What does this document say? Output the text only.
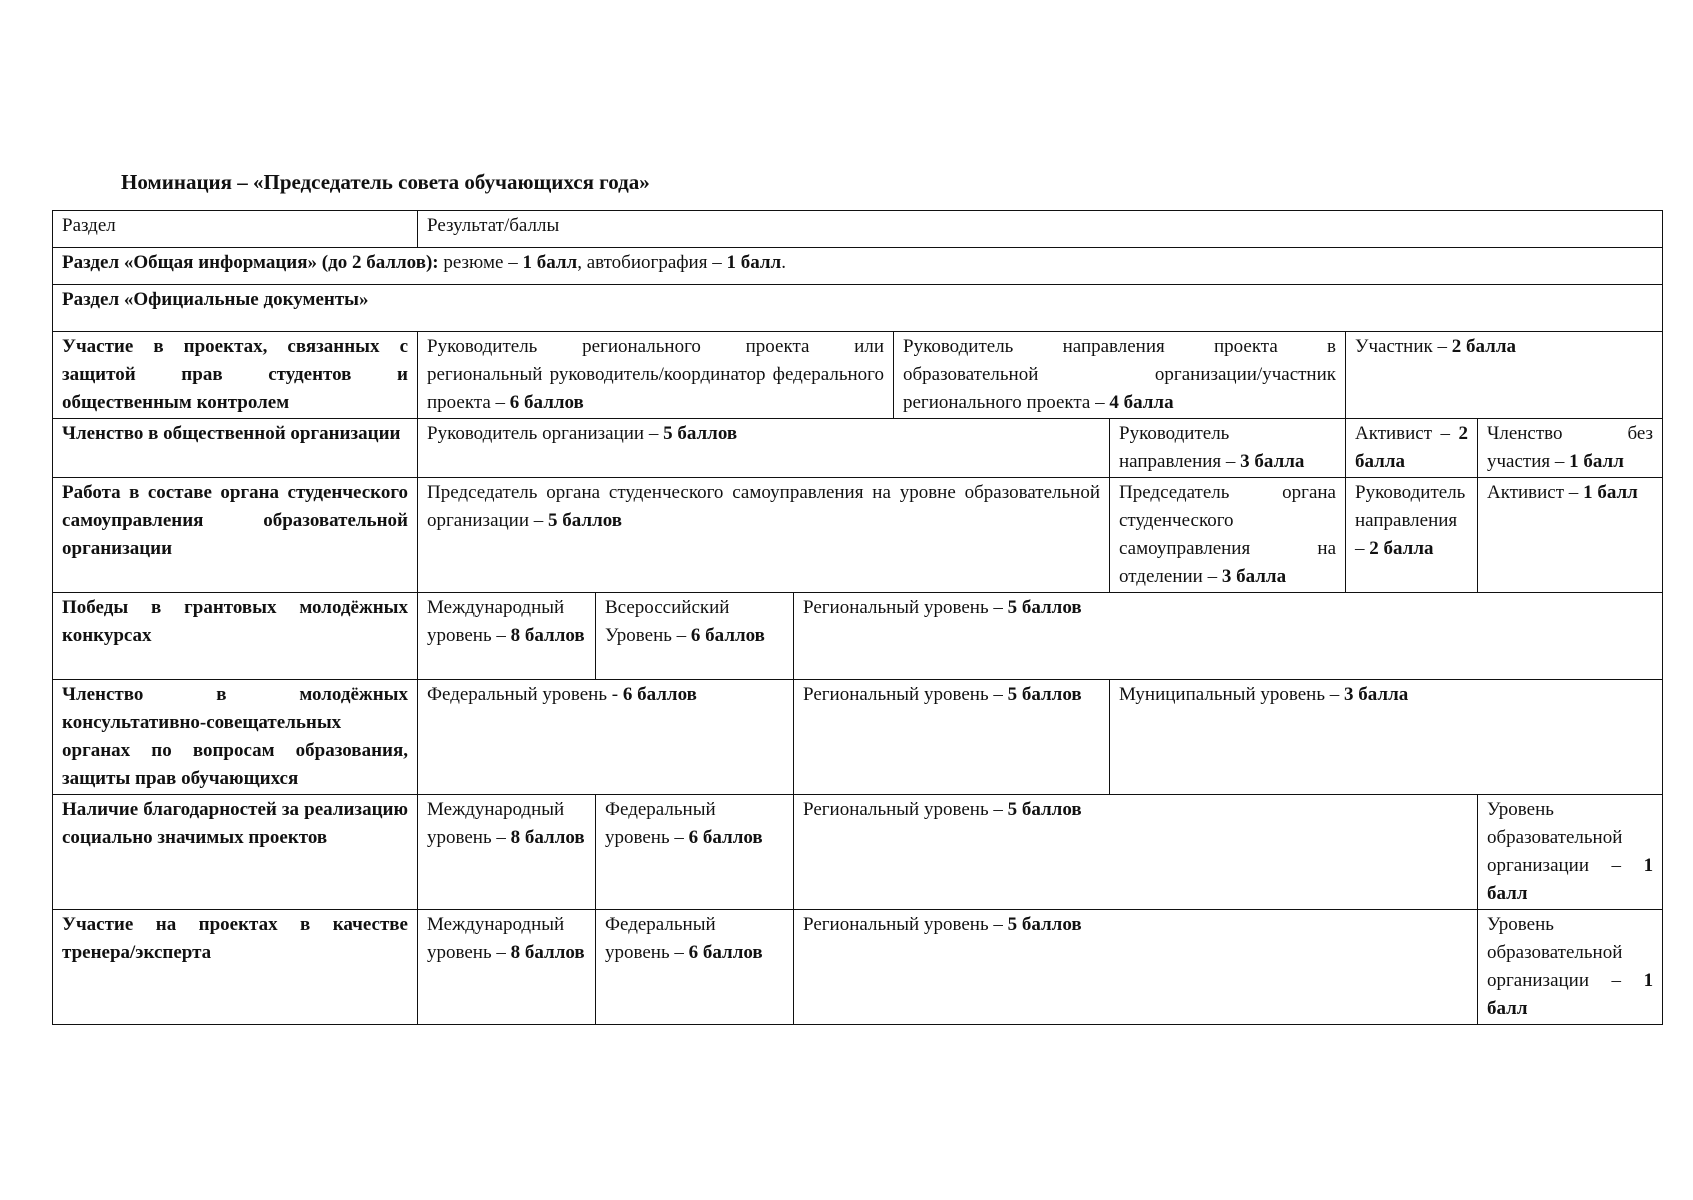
Номинация – «Председатель совета обучающихся года»
Раздел	Результат/баллы						
Раздел «Общая информация» (до 2 баллов): резюме – 1 балл, автобиография – 1 балл.							
Раздел «Официальные документы»							
Участие в проектах, связанных с защитой прав студентов и общественным контролем	Руководитель регионального проекта или региональный руководитель/координатор федерального проекта – 6 баллов			Руководитель направления проекта в образовательной организации/участник регионального проекта – 4 балла		Участник – 2 балла	
Членство в общественной организации	Руководитель организации – 5 баллов				Руководитель направления – 3 балла	Активист – 2 балла	Членство без участия – 1 балл
Работа в составе органа студенческого самоуправления образовательной организации	Председатель органа студенческого самоуправления на уровне образовательной организации – 5 баллов				Председатель органа студенческого самоуправления на отделении – 3 балла	Руководитель направления – 2 балла	Активист – 1 балл
Победы в грантовых молодёжных конкурсах	Международный уровень – 8 баллов	Всероссийский Уровень – 6 баллов	Региональный уровень – 5 баллов				
Членство в молодёжных консультативно-совещательных органах по вопросам образования, защиты прав обучающихся	Федеральный уровень - 6 баллов		Региональный уровень – 5 баллов		Муниципальный уровень – 3 балла		
Наличие благодарностей за реализацию социально значимых проектов	Международный уровень – 8 баллов	Федеральный уровень – 6 баллов	Региональный уровень – 5 баллов				Уровень образовательной организации – 1 балл
Участие на проектах в качестве тренера/эксперта	Международный уровень – 8 баллов	Федеральный уровень – 6 баллов	Региональный уровень – 5 баллов				Уровень образовательной организации – 1 балл
